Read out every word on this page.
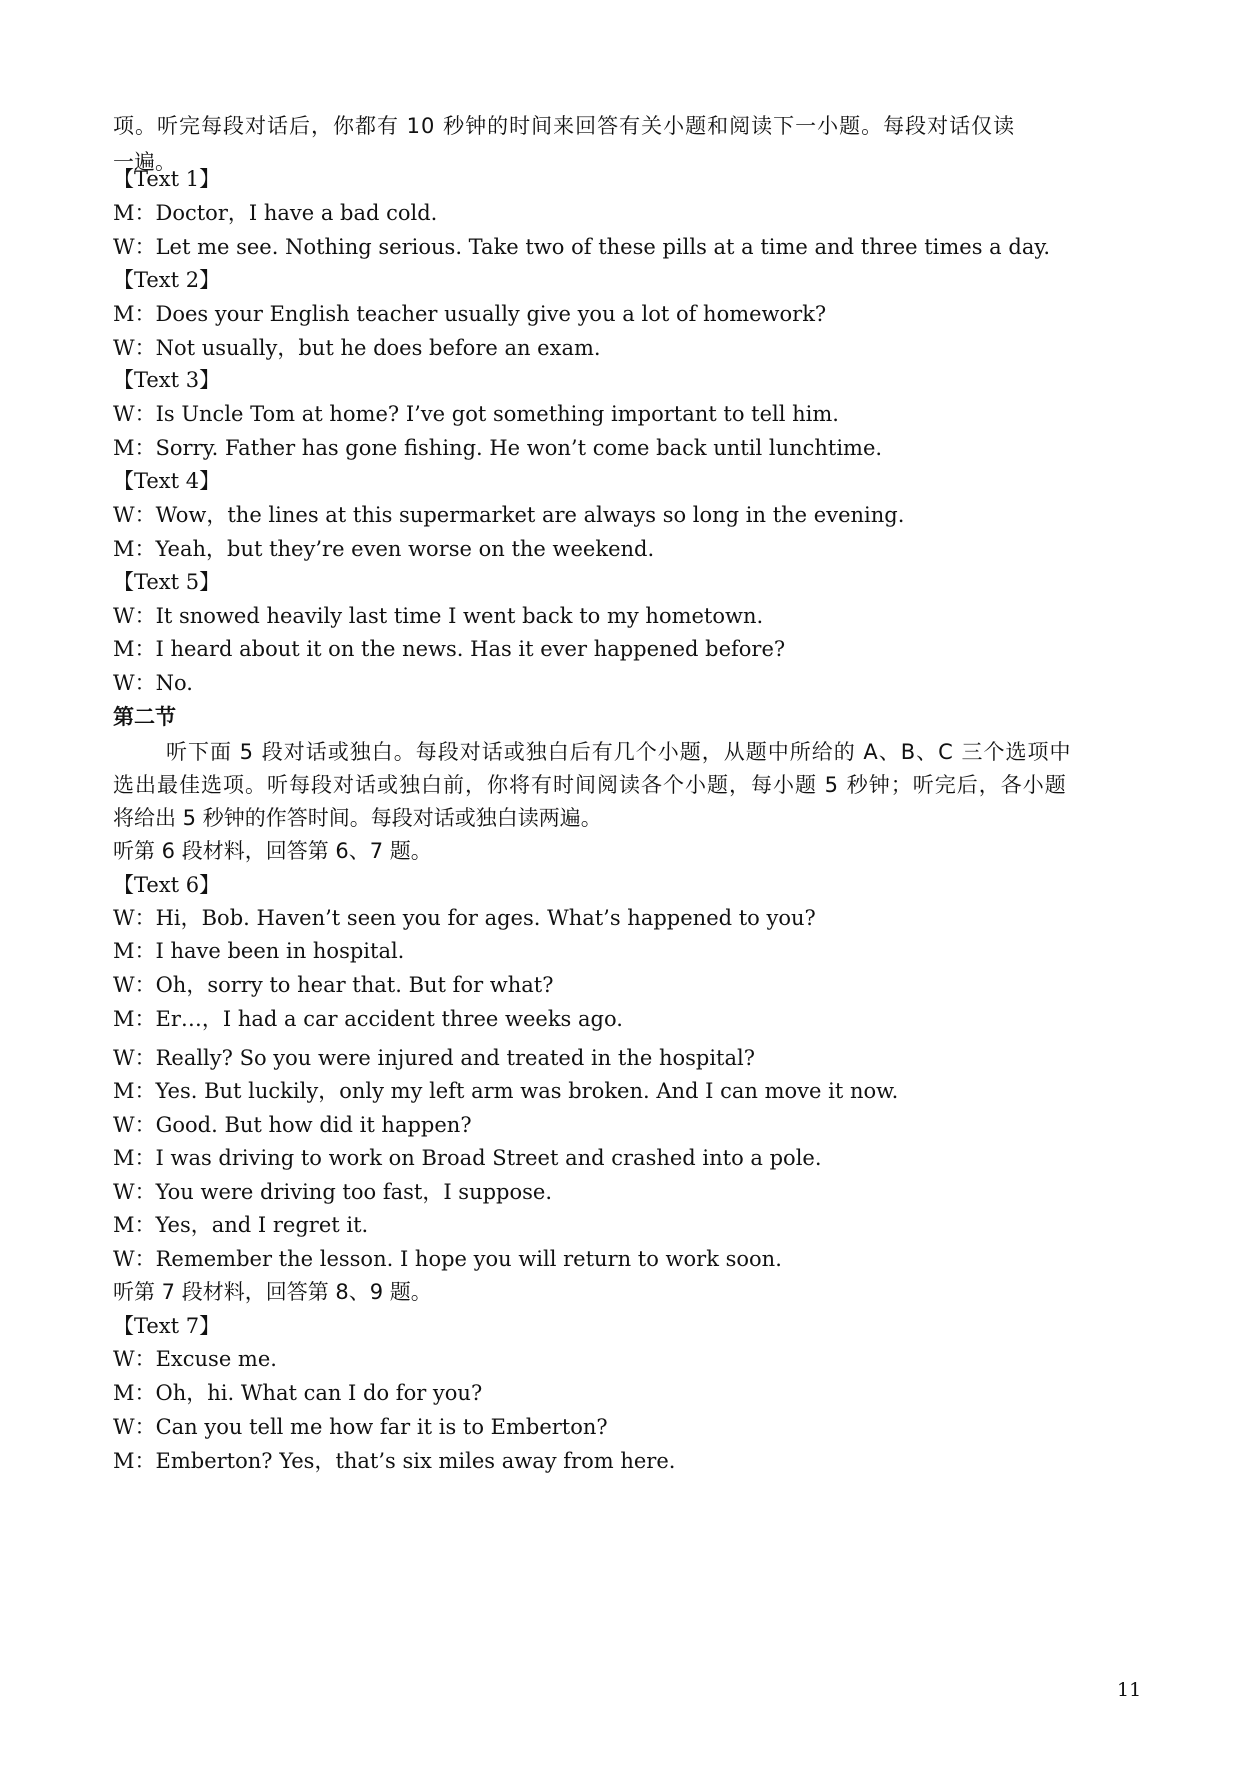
项。听完每段对话后，你都有 10 秒钟的时间来回答有关小题和阅读下一小题。每段对话仅读
一遍。
【Text 1】
M：Doctor，I have a bad cold.
W：Let me see. Nothing serious. Take two of these pills at a time and three times a day.
【Text 2】
M：Does your English teacher usually give you a lot of homework?
W：Not usually，but he does before an exam.
【Text 3】
W：Is Uncle Tom at home? I’ve got something important to tell him.
M：Sorry. Father has gone fishing. He won’t come back until lunchtime.
【Text 4】
W：Wow，the lines at this supermarket are always so long in the evening.
M：Yeah，but they’re even worse on the weekend.
【Text 5】
W：It snowed heavily last time I went back to my hometown.
M：I heard about it on the news. Has it ever happened before?
W：No.
第二节
听下面 5 段对话或独白。每段对话或独白后有几个小题，从题中所给的 A、B、C 三个选项中
选出最佳选项。听每段对话或独白前，你将有时间阅读各个小题，每小题 5 秒钟；听完后，各小题
将给出 5 秒钟的作答时间。每段对话或独白读两遍。
听第 6 段材料，回答第 6、7 题。
【Text 6】
W：Hi，Bob. Haven’t seen you for ages. What’s happened to you?
M：I have been in hospital.
W：Oh，sorry to hear that. But for what?
M：Er…，I had a car accident three weeks ago.
W：Really? So you were injured and treated in the hospital?
M：Yes. But luckily，only my left arm was broken. And I can move it now.
W：Good. But how did it happen?
M：I was driving to work on Broad Street and crashed into a pole.
W：You were driving too fast，I suppose.
M：Yes，and I regret it.
W：Remember the lesson. I hope you will return to work soon.
听第 7 段材料，回答第 8、9 题。
【Text 7】
W：Excuse me.
M：Oh，hi. What can I do for you?
W：Can you tell me how far it is to Emberton?
M：Emberton? Yes，that’s six miles away from here.
11
